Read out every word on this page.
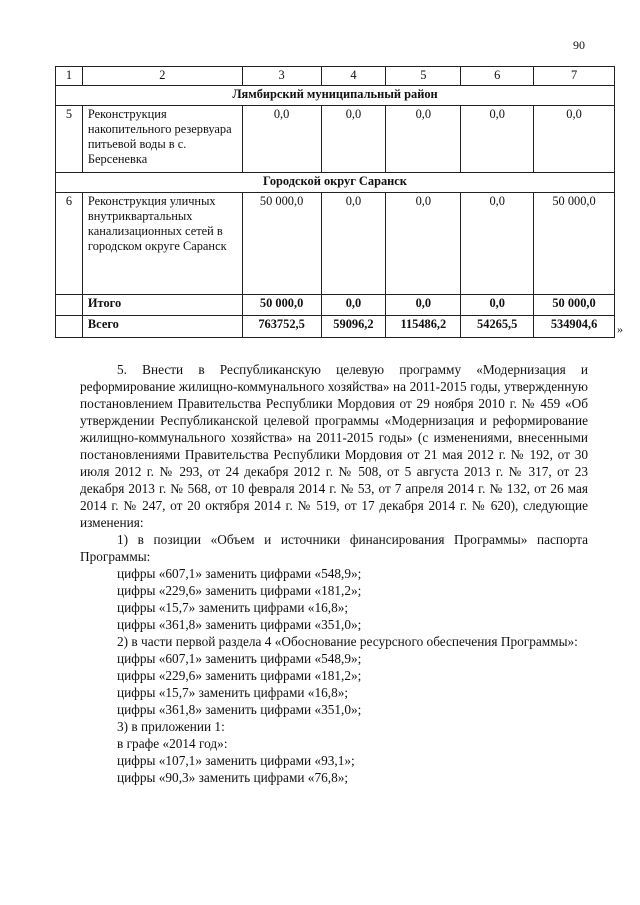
90
1	2	3	4	5	6	7
Лямбирский муниципальный район						
5	Реконструкция накопительного резервуара питьевой воды в с. Берсеневка	0,0	0,0	0,0	0,0	0,0
Городской округ Саранск						
6	Реконструкция уличных внутриквартальных канализационных сетей в городском округе Саранск	50 000,0	0,0	0,0	0,0	50 000,0
	Итого	50 000,0	0,0	0,0	0,0	50 000,0
	Всего	763752,5	59096,2	115486,2	54265,5	534904,6 »

5. Внести в Республиканскую целевую программу «Модернизация и реформирование жилищно-коммунального хозяйства» на 2011-2015 годы, утвержденную постановлением Правительства Республики Мордовия от 29 ноября 2010 г. № 459 «Об утверждении Республиканской целевой программы «Модернизация и реформирование жилищно-коммунального хозяйства» на 2011-2015 годы» (с изменениями, внесенными постановлениями Правительства Республики Мордовия от 21 мая 2012 г. № 192, от 30 июля 2012 г. № 293, от 24 декабря 2012 г. № 508, от 5 августа 2013 г. № 317, от 23 декабря 2013 г. № 568, от 10 февраля 2014 г. № 53, от 7 апреля 2014 г. № 132, от 26 мая 2014 г. № 247, от 20 октября 2014 г. № 519, от 17 декабря 2014 г. № 620), следующие изменения:

1) в позиции «Объем и источники финансирования Программы» паспорта Программы:

цифры «607,1» заменить цифрами «548,9»;

цифры «229,6» заменить цифрами «181,2»;

цифры «15,7» заменить цифрами «16,8»;

цифры «361,8» заменить цифрами «351,0»;

2) в части первой раздела 4 «Обоснование ресурсного обеспечения Программы»:

цифры «607,1» заменить цифрами «548,9»;

цифры «229,6» заменить цифрами «181,2»;

цифры «15,7» заменить цифрами «16,8»;

цифры «361,8» заменить цифрами «351,0»;

3) в приложении 1:

в графе «2014 год»:

цифры «107,1» заменить цифрами «93,1»;

цифры «90,3» заменить цифрами «76,8»;
